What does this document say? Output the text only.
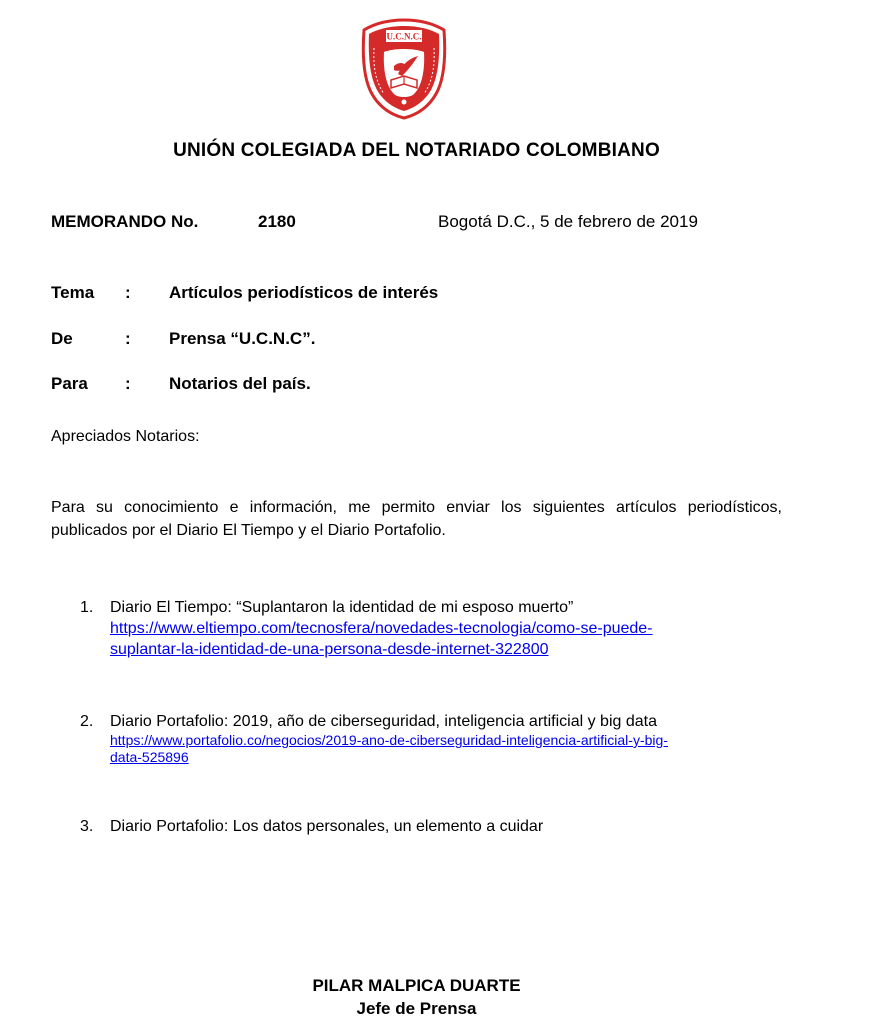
U.C.N.C.
UNIÓN COLEGIADA DEL NOTARIADO COLOMBIANO
MEMORANDO No.	2180	Bogotá D.C., 5 de febrero de 2019
Tema : Artículos periodísticos de interés
De	: Prensa “U.C.N.C”.
Para : Notarios del país.
Apreciados Notarios:
Para su conocimiento e información, me permito enviar los siguientes artículos periodísticos, publicados por el Diario El Tiempo y el Diario Portafolio.
1. Diario El Tiempo: “Suplantaron la identidad de mi esposo muerto”
https://www.eltiempo.com/tecnosfera/novedades-tecnologia/como-se-puede-
suplantar-la-identidad-de-una-persona-desde-internet-322800
2. Diario Portafolio: 2019, año de ciberseguridad, inteligencia artificial y big data
https://www.portafolio.co/negocios/2019-ano-de-ciberseguridad-inteligencia-artificial-y-big-
data-525896
3. Diario Portafolio: Los datos personales, un elemento a cuidar
PILAR MALPICA DUARTE
Jefe de Prensa
